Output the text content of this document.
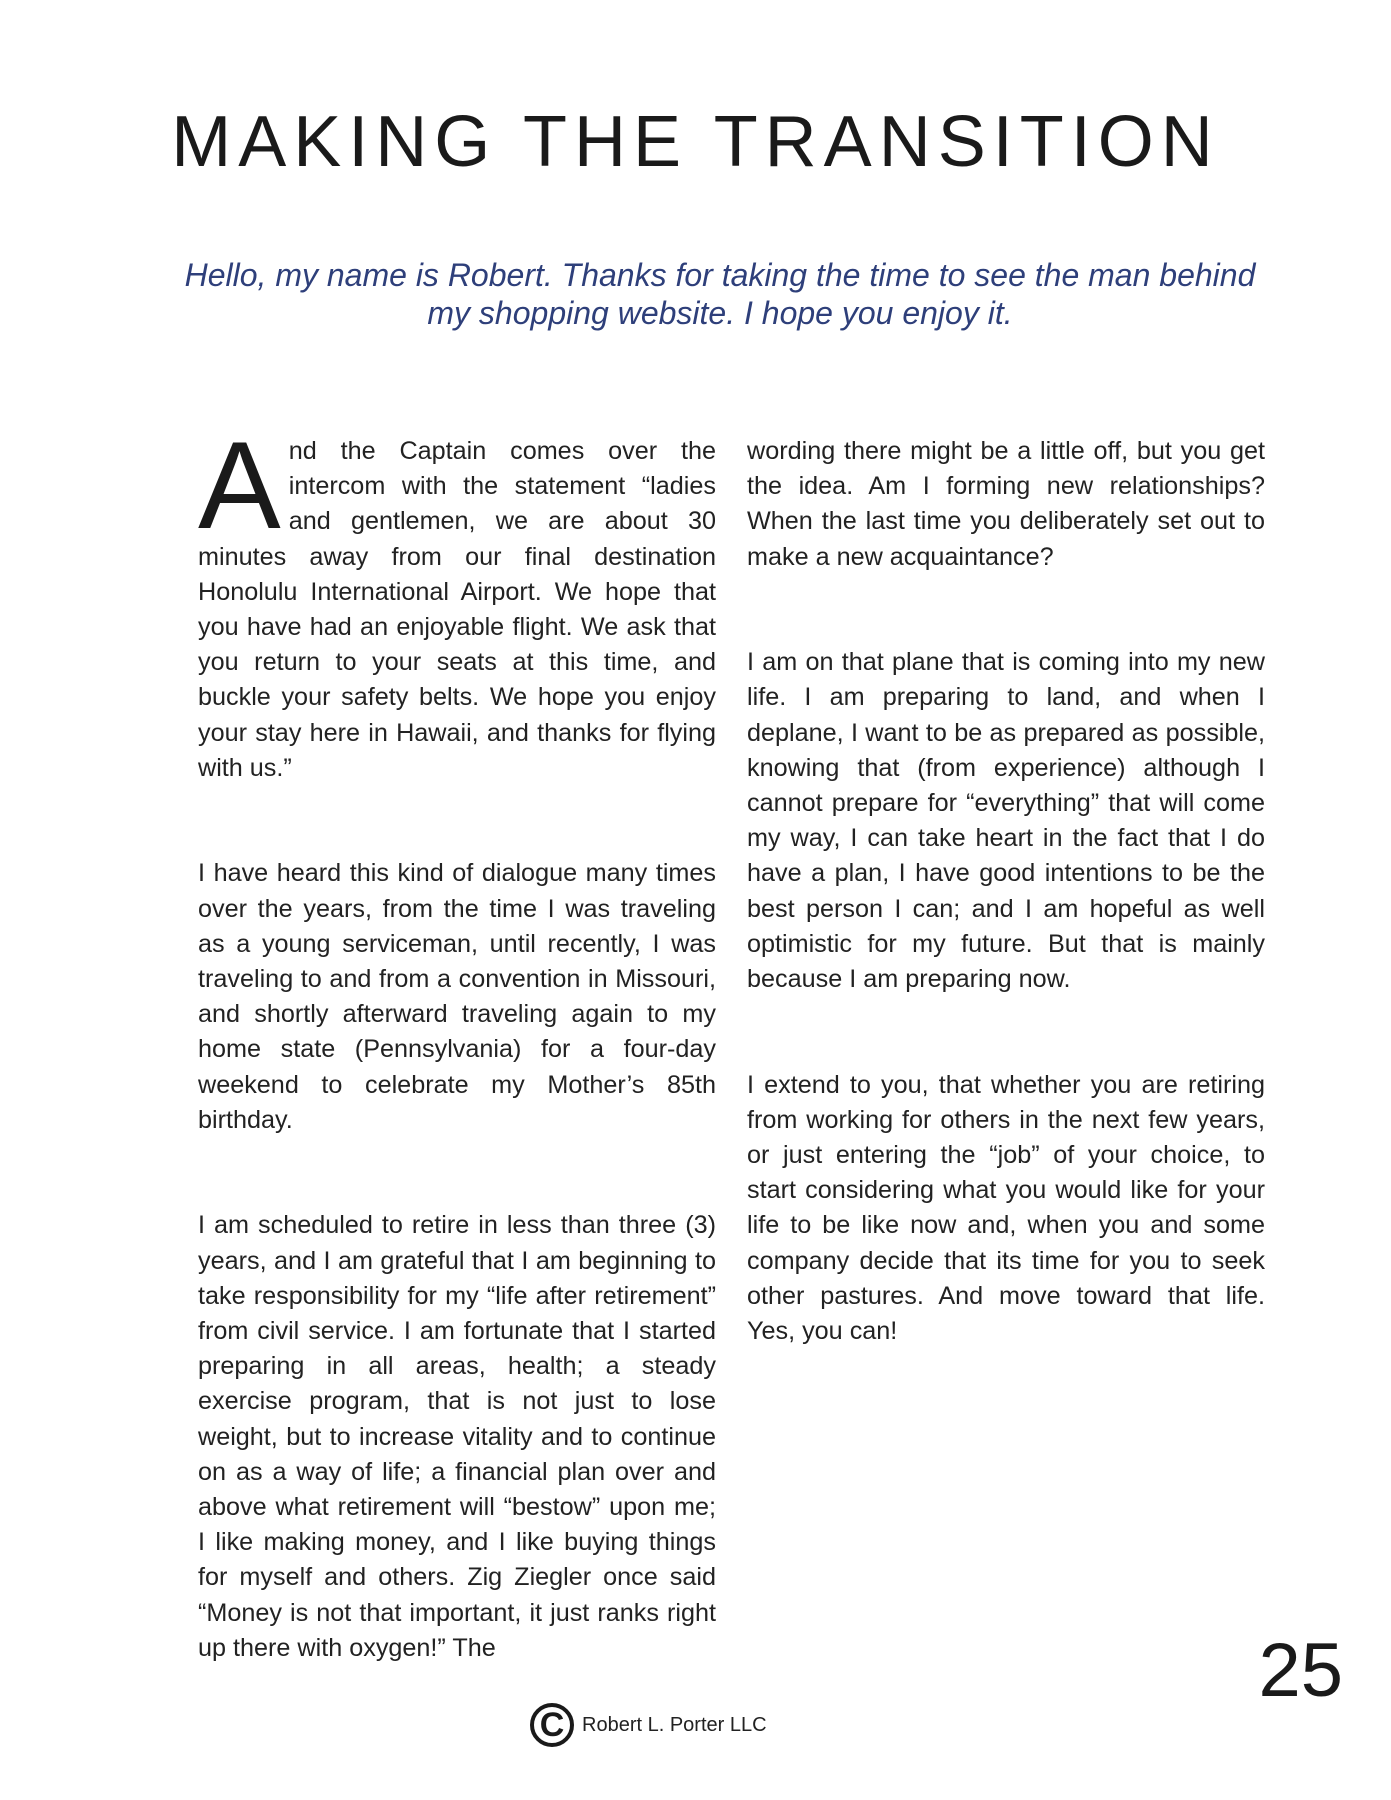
MAKING THE TRANSITION
Hello, my name is Robert. Thanks for taking the time to see the man behind my shopping website. I hope you enjoy it.

And the Captain comes over the intercom with the statement “ladies and gentlemen, we are about 30 minutes away from our final destination Honolulu International Airport. We hope that you have had an enjoyable flight. We ask that you return to your seats at this time, and buckle your safety belts. We hope you enjoy your stay here in Hawaii, and thanks for flying with us.”

I have heard this kind of dialogue many times over the years, from the time I was traveling as a young serviceman, until recently, I was traveling to and from a convention in Missouri, and shortly afterward traveling again to my home state (Pennsylvania) for a four-day weekend to celebrate my Mother’s 85th birthday.

I am scheduled to retire in less than three (3) years, and I am grateful that I am beginning to take responsibility for my “life after retirement” from civil service. I am fortunate that I started preparing in all areas, health; a steady exercise program, that is not just to lose weight, but to increase vitality and to continue on as a way of life; a financial plan over and above what retirement will “bestow” upon me; I like making money, and I like buying things for myself and others. Zig Ziegler once said “Money is not that important, it just ranks right up there with oxygen!” The

wording there might be a little off, but you get the idea. Am I forming new relationships? When the last time you deliberately set out to make a new acquaintance?

I am on that plane that is coming into my new life. I am preparing to land, and when I deplane, I want to be as prepared as possible, knowing that (from experience) although I cannot prepare for “everything” that will come my way, I can take heart in the fact that I do have a plan, I have good intentions to be the best person I can; and I am hopeful as well optimistic for my future. But that is mainly because I am preparing now.

I extend to you, that whether you are retiring from working for others in the next few years, or just entering the “job” of your choice, to start considering what you would like for your life to be like now and, when you and some company decide that its time for you to seek other pastures. And move toward that life. Yes, you can!

25
C Robert L. Porter LLC
